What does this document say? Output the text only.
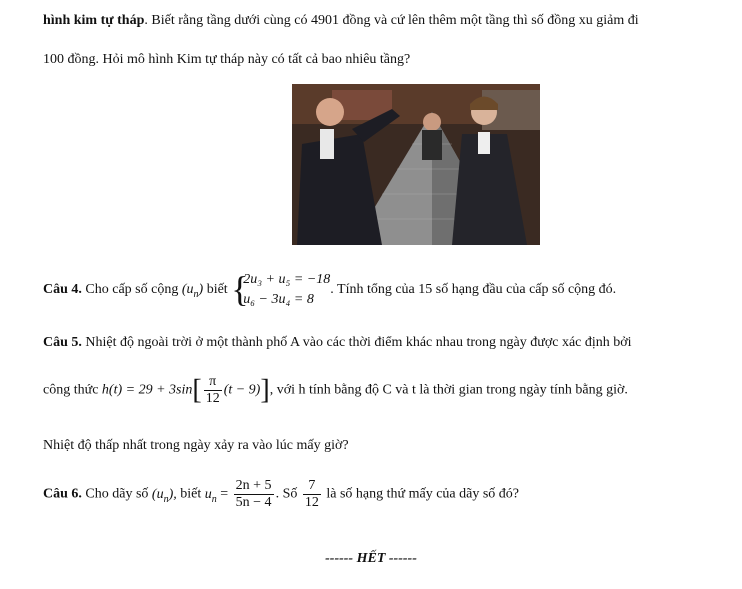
hình kim tự tháp. Biết rằng tầng dưới cùng có 4901 đồng và cứ lên thêm một tầng thì số đồng xu giảm đi
100 đồng. Hỏi mô hình Kim tự tháp này có tất cả bao nhiêu tầng?
Câu 4. Cho cấp số cộng $(u_n)$ biết {
2u₃ + u₅ = −18
u₆ − 3u₄ = 8
. Tính tổng của 15 số hạng đầu của cấp số cộng đó.
Câu 5. Nhiệt độ ngoài trời ở một thành phố A vào các thời điểm khác nhau trong ngày được xác định bởi
công thức $h(t) = 29 + 3\sin[ \frac{\pi}{12} (t - 9)]$, với h tính bằng độ C và t là thời gian trong ngày tính bằng giờ.
Nhiệt độ thấp nhất trong ngày xảy ra vào lúc mấy giờ?
Câu 6. Cho dãy số $(u_n)$, biết $u_n = \frac{2n + 5}{5n - 4}$ . Số $\frac{7}{12}$ là số hạng thứ mấy của dãy số đó?
------ HẾT ------
